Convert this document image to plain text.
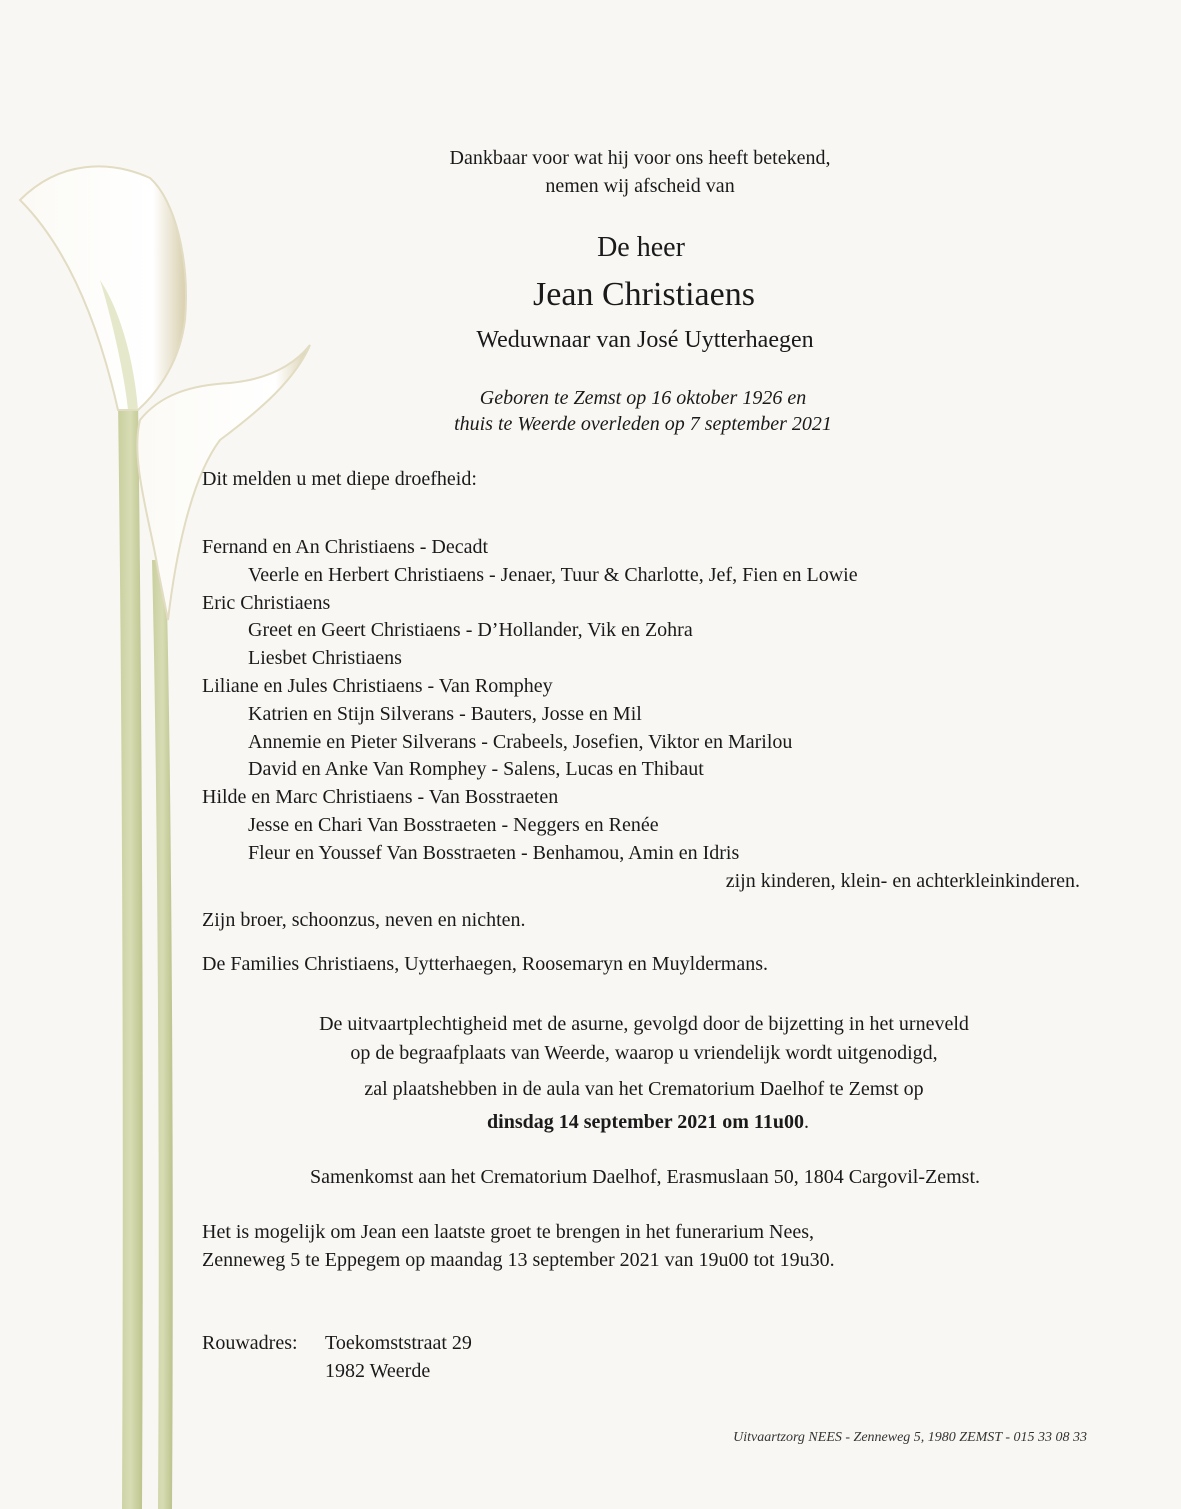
Dankbaar voor wat hij voor ons heeft betekend,
nemen wij afscheid van
De heer
Jean Christiaens
Weduwnaar van José Uytterhaegen
Geboren te Zemst op 16 oktober 1926 en
thuis te Weerde overleden op 7 september 2021
Dit melden u met diepe droefheid:
Fernand en An Christiaens - Decadt
Veerle en Herbert Christiaens - Jenaer, Tuur & Charlotte, Jef, Fien en Lowie
Eric Christiaens
Greet en Geert Christiaens - D’Hollander, Vik en Zohra
Liesbet Christiaens
Liliane en Jules Christiaens - Van Romphey
Katrien en Stijn Silverans - Bauters, Josse en Mil
Annemie en Pieter Silverans - Crabeels, Josefien, Viktor en Marilou
David en Anke Van Romphey - Salens, Lucas en Thibaut
Hilde en Marc Christiaens - Van Bosstraeten
Jesse en Chari Van Bosstraeten - Neggers en Renée
Fleur en Youssef Van Bosstraeten - Benhamou, Amin en Idris
zijn kinderen, klein- en achterkleinkinderen.
Zijn broer, schoonzus, neven en nichten.
De Families Christiaens, Uytterhaegen, Roosemaryn en Muyldermans.
De uitvaartplechtigheid met de asurne, gevolgd door de bijzetting in het urneveld
op de begraafplaats van Weerde, waarop u vriendelijk wordt uitgenodigd,
zal plaatshebben in de aula van het Crematorium Daelhof te Zemst op
dinsdag 14 september 2021 om 11u00.
Samenkomst aan het Crematorium Daelhof, Erasmuslaan 50, 1804 Cargovil-Zemst.
Het is mogelijk om Jean een laatste groet te brengen in het funerarium Nees,
Zenneweg 5 te Eppegem op maandag 13 september 2021 van 19u00 tot 19u30.
Rouwadres: Toekomststraat 29
1982 Weerde
Uitvaartzorg NEES - Zenneweg 5, 1980 ZEMST - 015 33 08 33
